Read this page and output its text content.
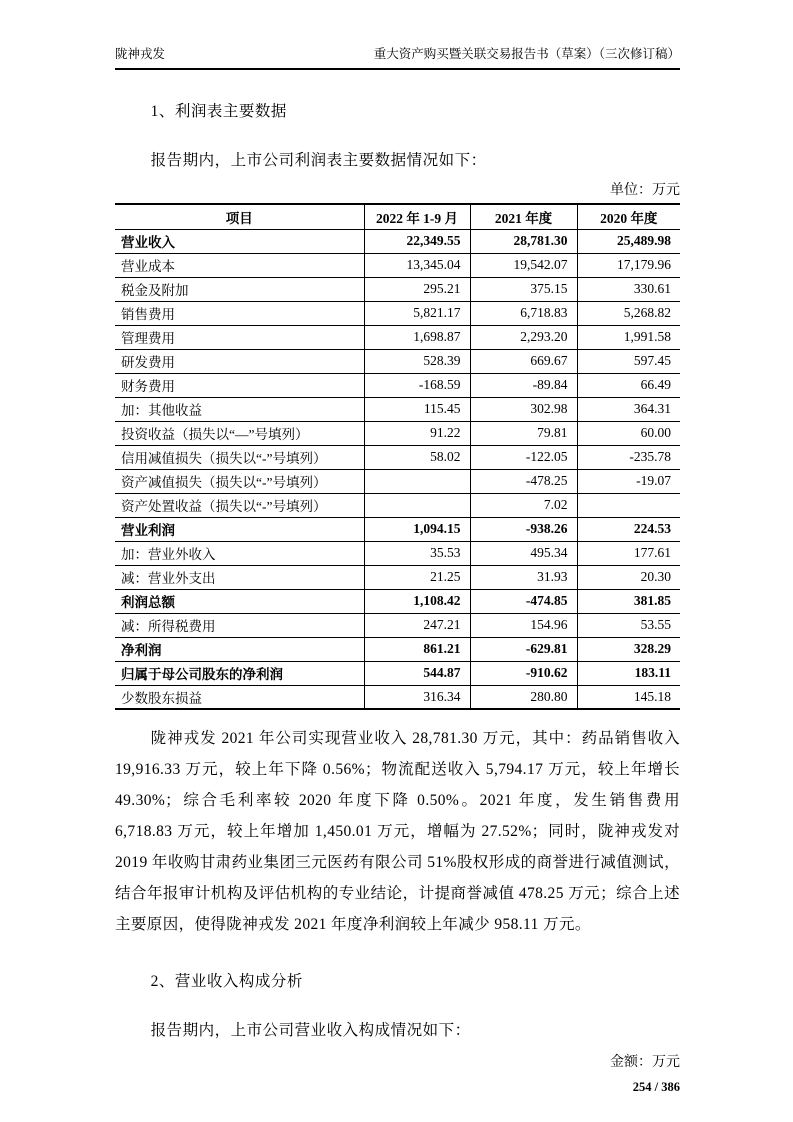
陇神戎发	重大资产购买暨关联交易报告书（草案）（三次修订稿）
1、利润表主要数据
报告期内，上市公司利润表主要数据情况如下：
单位：万元
项目	2022 年 1-9 月	2021 年度	2020 年度
营业收入	22,349.55	28,781.30	25,489.98
营业成本	13,345.04	19,542.07	17,179.96
税金及附加	295.21	375.15	330.61
销售费用	5,821.17	6,718.83	5,268.82
管理费用	1,698.87	2,293.20	1,991.58
研发费用	528.39	669.67	597.45
财务费用	-168.59	-89.84	66.49
加：其他收益	115.45	302.98	364.31
投资收益（损失以“—”号填列）	91.22	79.81	60.00
信用减值损失（损失以“-”号填列）	58.02	-122.05	-235.78
资产减值损失（损失以“-”号填列）		-478.25	-19.07
资产处置收益（损失以“-”号填列）		7.02	
营业利润	1,094.15	-938.26	224.53
加：营业外收入	35.53	495.34	177.61
减：营业外支出	21.25	31.93	20.30
利润总额	1,108.42	-474.85	381.85
减：所得税费用	247.21	154.96	53.55
净利润	861.21	-629.81	328.29
归属于母公司股东的净利润	544.87	-910.62	183.11
少数股东损益	316.34	280.80	145.18
陇神戎发 2021 年公司实现营业收入 28,781.30 万元，其中：药品销售收入 19,916.33 万元，较上年下降 0.56%；物流配送收入 5,794.17 万元，较上年增长 49.30%；综合毛利率较 2020 年度下降 0.50%。2021 年度，发生销售费用 6,718.83 万元，较上年增加 1,450.01 万元，增幅为 27.52%；同时，陇神戎发对 2019 年收购甘肃药业集团三元医药有限公司 51%股权形成的商誉进行减值测试，结合年报审计机构及评估机构的专业结论，计提商誉减值 478.25 万元；综合上述主要原因，使得陇神戎发 2021 年度净利润较上年减少 958.11 万元。
2、营业收入构成分析
报告期内，上市公司营业收入构成情况如下：
金额：万元
254 / 386
